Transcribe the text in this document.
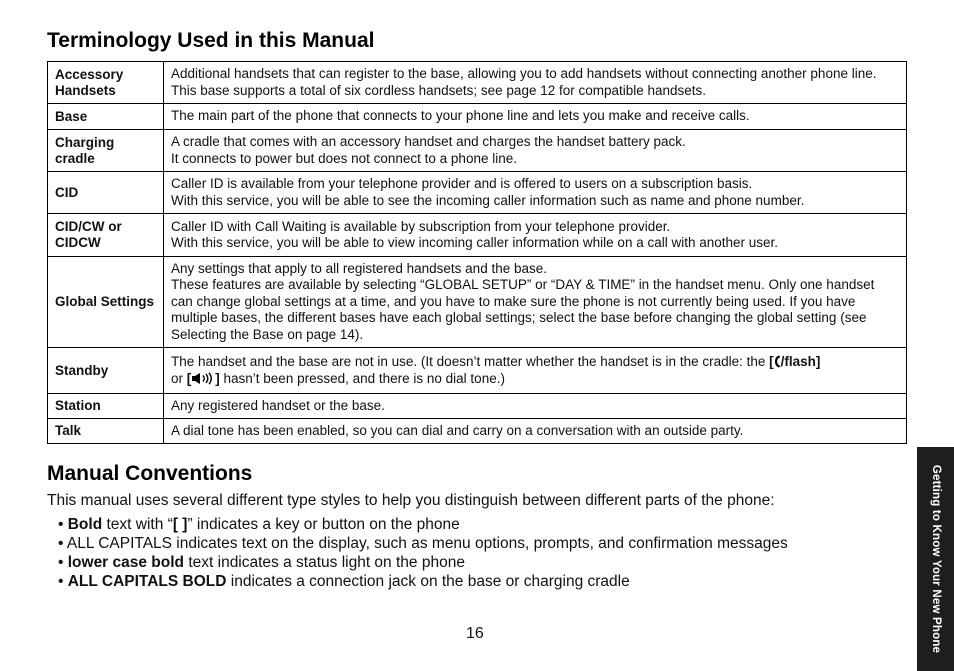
Terminology Used in this Manual
Accessory Handsets	Additional handsets that can register to the base, allowing you to add handsets without connecting another phone line. This base supports a total of six cordless handsets; see page 12 for compatible handsets.

Base	The main part of the phone that connects to your phone line and lets you make and receive calls.

Charging cradle	A cradle that comes with an accessory handset and charges the handset battery pack.
It connects to power but does not connect to a phone line.

CID	Caller ID is available from your telephone provider and is offered to users on a subscription basis.
With this service, you will be able to see the incoming caller information such as name and phone number.

CID/CW or CIDCW	Caller ID with Call Waiting is available by subscription from your telephone provider.
With this service, you will be able to view incoming caller information while on a call with another user.

Global Settings	Any settings that apply to all registered handsets and the base.
These features are available by selecting “GLOBAL SETUP” or “DAY & TIME” in the handset menu. Only one handset can change global settings at a time, and you have to make sure the phone is not currently being used. If you have multiple bases, the different bases have each global settings; select the base before changing the global setting (see Selecting the Base on page 14).

Standby	The handset and the base are not in use. (It doesn’t matter whether the handset is in the cradle: the [ /flash]
or [ ] hasn’t been pressed, and there is no dial tone.)
Station	Any registered handset or the base.

Talk	A dial tone has been enabled, so you can dial and carry on a conversation with an outside party.
Manual Conventions

This manual uses several different type styles to help you distinguish between different parts of the phone:

• Bold text with “[ ]” indicates a key or button on the phone
• ALL CAPITALS indicates text on the display, such as menu options, prompts, and confirmation messages
• lower case bold text indicates a status light on the phone
• ALL CAPITALS BOLD indicates a connection jack on the base or charging cradle
16	Getting to Know Your New Phone
